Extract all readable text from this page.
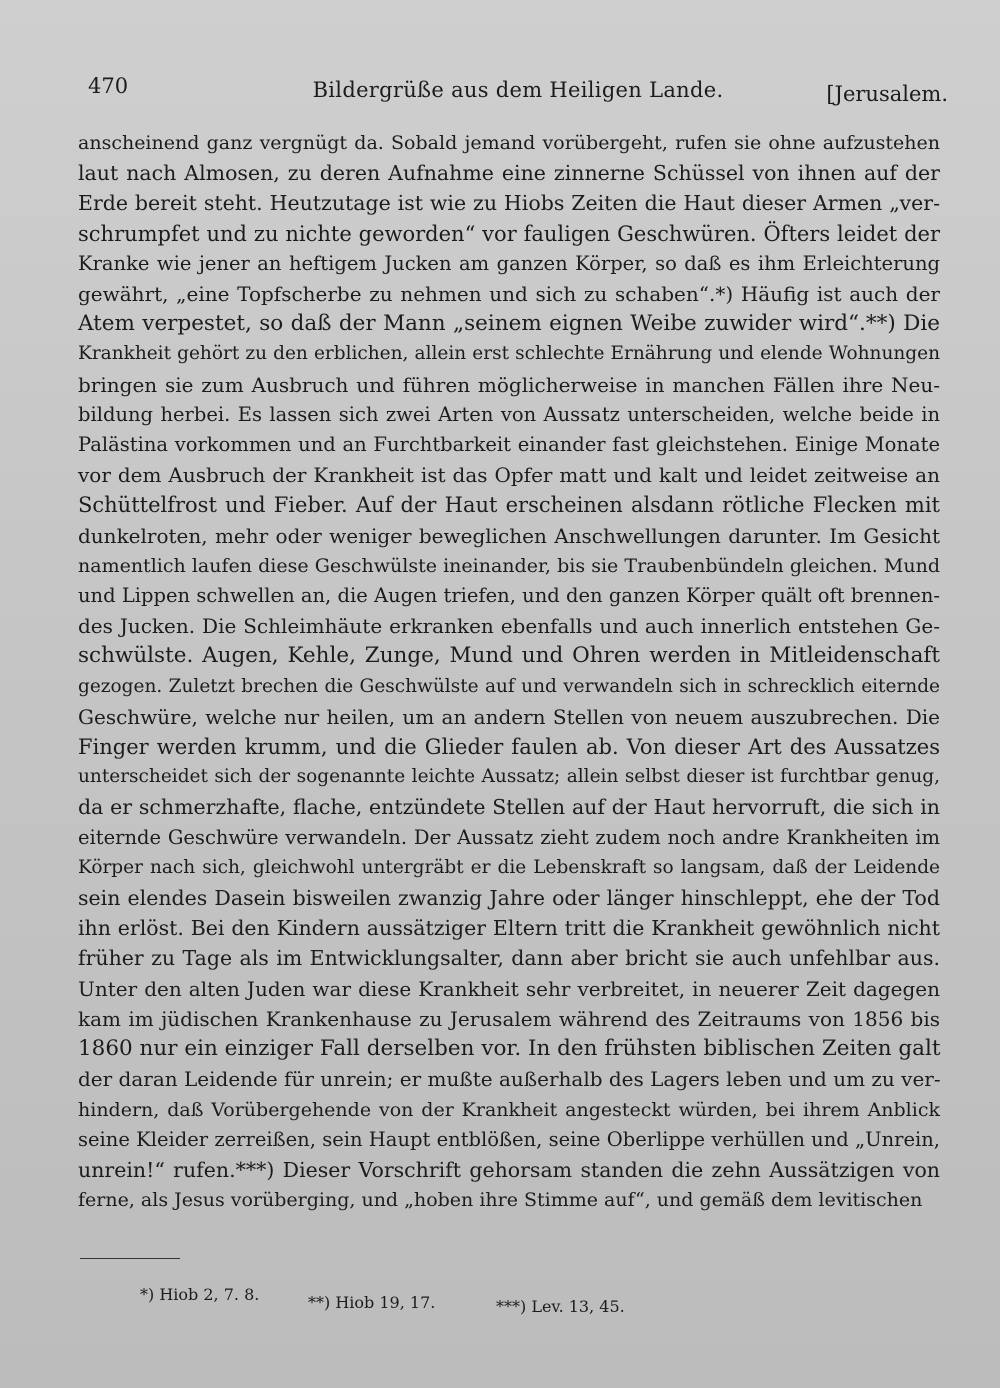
470	Bildergrüße aus dem Heiligen Lande.	[Jerusalem.
anscheinend ganz vergnügt da. Sobald jemand vorübergeht, rufen sie ohne aufzustehen
laut nach Almosen, zu deren Aufnahme eine zinnerne Schüssel von ihnen auf der
Erde bereit steht. Heutzutage ist wie zu Hiobs Zeiten die Haut dieser Armen „ver-
schrumpfet und zu nichte geworden“ vor fauligen Geschwüren. Öfters leidet der
Kranke wie jener an heftigem Jucken am ganzen Körper, so daß es ihm Erleichterung
gewährt, „eine Topfscherbe zu nehmen und sich zu schaben“.*) Häufig ist auch der
Atem verpestet, so daß der Mann „seinem eignen Weibe zuwider wird“.**) Die
Krankheit gehört zu den erblichen, allein erst schlechte Ernährung und elende Wohnungen
bringen sie zum Ausbruch und führen möglicherweise in manchen Fällen ihre Neu-
bildung herbei. Es lassen sich zwei Arten von Aussatz unterscheiden, welche beide in
Palästina vorkommen und an Furchtbarkeit einander fast gleichstehen. Einige Monate
vor dem Ausbruch der Krankheit ist das Opfer matt und kalt und leidet zeitweise an
Schüttelfrost und Fieber. Auf der Haut erscheinen alsdann rötliche Flecken mit
dunkelroten, mehr oder weniger beweglichen Anschwellungen darunter. Im Gesicht
namentlich laufen diese Geschwülste ineinander, bis sie Traubenbündeln gleichen. Mund
und Lippen schwellen an, die Augen triefen, und den ganzen Körper quält oft brennen-
des Jucken. Die Schleimhäute erkranken ebenfalls und auch innerlich entstehen Ge-
schwülste. Augen, Kehle, Zunge, Mund und Ohren werden in Mitleidenschaft
gezogen. Zuletzt brechen die Geschwülste auf und verwandeln sich in schrecklich eiternde
Geschwüre, welche nur heilen, um an andern Stellen von neuem auszubrechen. Die
Finger werden krumm, und die Glieder faulen ab. Von dieser Art des Aussatzes
unterscheidet sich der sogenannte leichte Aussatz; allein selbst dieser ist furchtbar genug,
da er schmerzhafte, flache, entzündete Stellen auf der Haut hervorruft, die sich in
eiternde Geschwüre verwandeln. Der Aussatz zieht zudem noch andre Krankheiten im
Körper nach sich, gleichwohl untergräbt er die Lebenskraft so langsam, daß der Leidende
sein elendes Dasein bisweilen zwanzig Jahre oder länger hinschleppt, ehe der Tod
ihn erlöst. Bei den Kindern aussätziger Eltern tritt die Krankheit gewöhnlich nicht
früher zu Tage als im Entwicklungsalter, dann aber bricht sie auch unfehlbar aus.
Unter den alten Juden war diese Krankheit sehr verbreitet, in neuerer Zeit dagegen
kam im jüdischen Krankenhause zu Jerusalem während des Zeitraums von 1856 bis
1860 nur ein einziger Fall derselben vor. In den frühsten biblischen Zeiten galt
der daran Leidende für unrein; er mußte außerhalb des Lagers leben und um zu ver-
hindern, daß Vorübergehende von der Krankheit angesteckt würden, bei ihrem Anblick
seine Kleider zerreißen, sein Haupt entblößen, seine Oberlippe verhüllen und „Unrein,
unrein!“ rufen.***) Dieser Vorschrift gehorsam standen die zehn Aussätzigen von
ferne, als Jesus vorüberging, und „hoben ihre Stimme auf“, und gemäß dem levitischen
*) Hiob 2, 7. 8.	**) Hiob 19, 17.	***) Lev. 13, 45.
